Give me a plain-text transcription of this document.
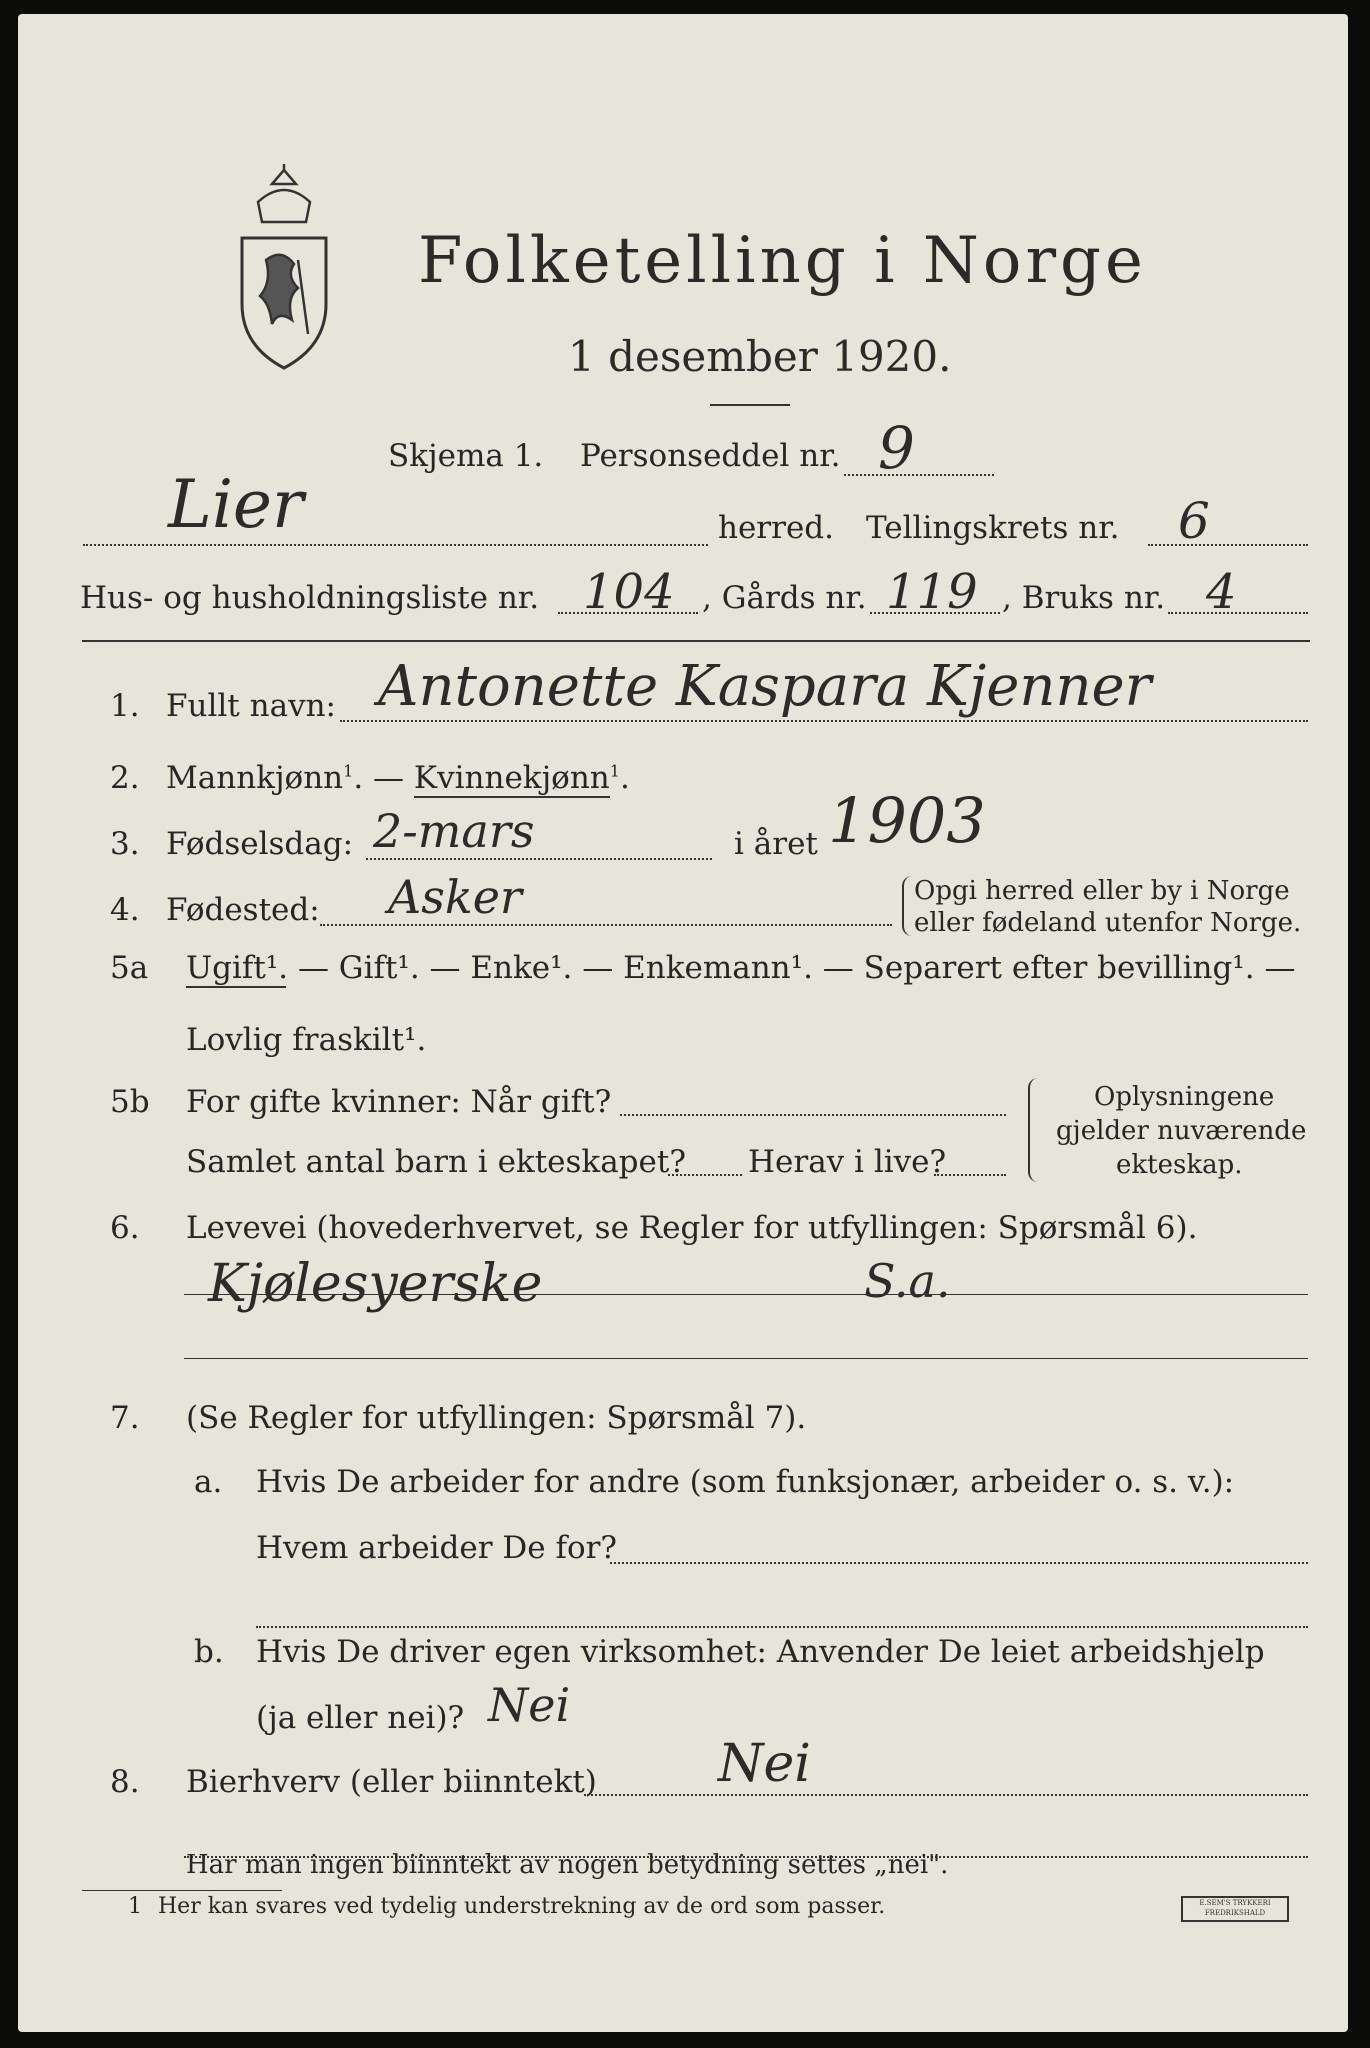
Folketelling i Norge
1 desember 1920.
Skjema 1. Personseddel nr. 9
Lier	herred. Tellingskrets nr. 6
Hus- og husholdningsliste nr. 104 , Gårds nr. 119 , Bruks nr. 4
1. Fullt navn: Antonette Kaspara Kjenner
2. Mannkjønn$^1$. — Kvinnekjønn$^1$.
3. Fødselsdag: 2-mars	i året 1903
4. Fødested: Asker	Opgi herred eller by i Norge
eller fødeland utenfor Norge.
5a Ugift¹. — Gift¹. — Enke¹. — Enkemann¹. — Separert efter bevilling¹. —
Lovlig fraskilt¹.
5b For gifte kvinner: Når gift?
Samlet antal barn i ekteskapet? Herav i live?
Oplysningene
gjelder nuværende
ekteskap.
6. Levevei (hovederhvervet, se Regler for utfyllingen: Spørsmål 6).
Kjølesyerske	S.a.
7. (Se Regler for utfyllingen: Spørsmål 7).
a. Hvis De arbeider for andre (som funksjonær, arbeider o. s. v.):
Hvem arbeider De for?
b. Hvis De driver egen virksomhet: Anvender De leiet arbeidshjelp
(ja eller nei)? Nei
8. Bierhverv (eller biinntekt) Nei
Har man ingen biinntekt av nogen betydning settes „nei".
1 Her kan svares ved tydelig understrekning av de ord som passer.	E.SEM'S TRYKKERI FREDRIKSHALD
